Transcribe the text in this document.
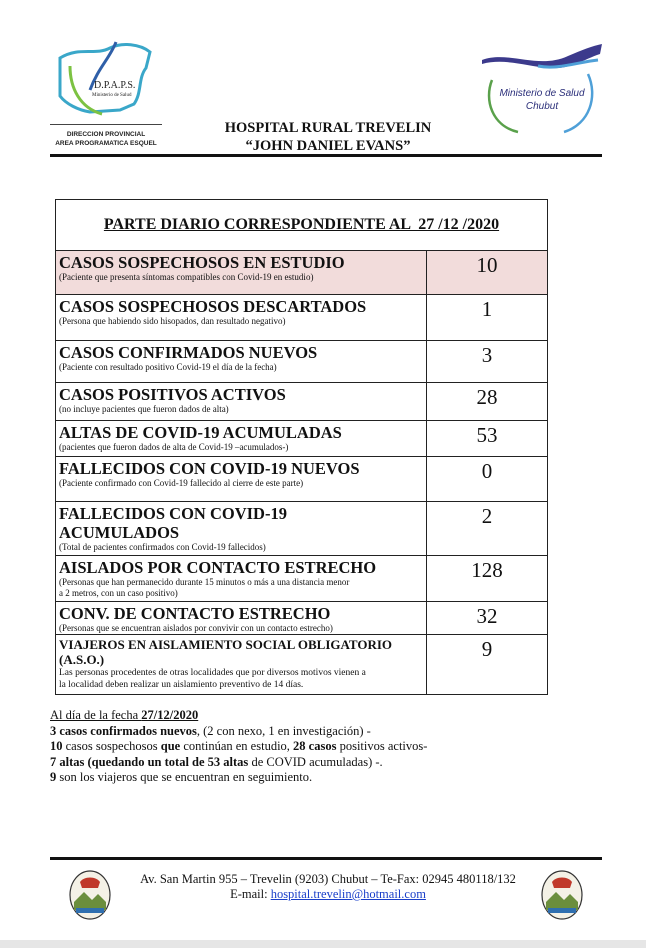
D.P.A.P.S.
Ministerio de Salud
DIRECCION PROVINCIAL
AREA PROGRAMATICA ESQUEL
Ministerio de Salud
Chubut
HOSPITAL RURAL TREVELIN
“JOHN DANIEL EVANS”
PARTE DIARIO CORRESPONDIENTE AL  27 /12 /2020	

CASOS SOSPECHOSOS EN ESTUDIO
(Paciente que presenta síntomas compatibles con Covid-19 en estudio)	10

CASOS SOSPECHOSOS DESCARTADOS
(Persona que habiendo sido hisopados, dan resultado negativo)	1

CASOS CONFIRMADOS NUEVOS
(Paciente con resultado positivo Covid-19 el día de la fecha)	3

CASOS POSITIVOS ACTIVOS
(no incluye pacientes que fueron dados de alta)	28

ALTAS DE COVID-19 ACUMULADAS
(pacientes que fueron dados de alta de Covid-19 –acumulados-)	53

FALLECIDOS CON COVID-19 NUEVOS
(Paciente confirmado con Covid-19 fallecido al cierre de este parte)	0

FALLECIDOS CON COVID-19
ACUMULADOS
(Total de pacientes confirmados con Covid-19 fallecidos)	2

AISLADOS POR CONTACTO ESTRECHO
(Personas que han permanecido durante 15 minutos o más a una distancia menor
a 2 metros, con un caso positivo)	128

CONV. DE CONTACTO ESTRECHO
(Personas que se encuentran aislados por convivir con un contacto estrecho)	32

VIAJEROS EN AISLAMIENTO SOCIAL OBLIGATORIO
(A.S.O.)
Las personas procedentes de otras localidades que por diversos motivos vienen a
la localidad deben realizar un aislamiento preventivo de 14 días.	9
Al día de la fecha 27/12/2020
3 casos confirmados nuevos, (2 con nexo, 1 en investigación) -
10 casos sospechosos que continúan en estudio, 28 casos positivos activos-
7 altas (quedando un total de 53 altas de COVID acumuladas) -.
9 son los viajeros que se encuentran en seguimiento.
Av. San Martin 955 – Trevelin (9203) Chubut – Te-Fax: 02945 480118/132
E-mail: hospital.trevelin@hotmail.com
